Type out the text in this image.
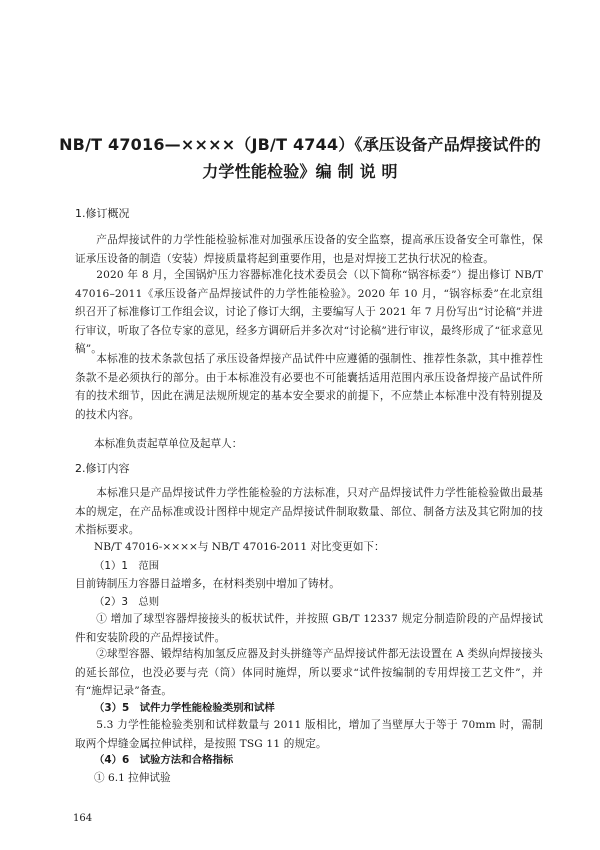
NB/T 47016—××××（JB/T 4744）《承压设备产品焊接试件的
力学性能检验》编 制 说 明
1.修订概况
产品焊接试件的力学性能检验标准对加强承压设备的安全监察，提高承压设备安全可靠性，保证承压设备的制造（安装）焊接质量将起到重要作用，也是对焊接工艺执行状况的检查。
2020 年 8 月，全国锅炉压力容器标准化技术委员会（以下简称“锅容标委”）提出修订 NB/T 47016–2011《承压设备产品焊接试件的力学性能检验》。2020 年 10 月，“锅容标委”在北京组织召开了标准修订工作组会议，讨论了修订大纲，主要编写人于 2021 年 7 月份写出“讨论稿”并进行审议，听取了各位专家的意见，经多方调研后并多次对“讨论稿”进行审议，最终形成了“征求意见稿”。
本标准的技术条款包括了承压设备焊接产品试件中应遵循的强制性、推荐性条款，其中推荐性条款不是必须执行的部分。由于本标准没有必要也不可能囊括适用范围内承压设备焊接产品试件所有的技术细节，因此在满足法规所规定的基本安全要求的前提下，不应禁止本标准中没有特别提及的技术内容。
本标准负责起草单位及起草人：
2.修订内容
本标准只是产品焊接试件力学性能检验的方法标准，只对产品焊接试件力学性能检验做出最基本的规定，在产品标准或设计图样中规定产品焊接试件制取数量、部位、制备方法及其它附加的技术指标要求。
NB/T 47016-××××与 NB/T 47016-2011 对比变更如下：
（1）1　范围
目前铸制压力容器日益增多，在材料类别中增加了铸材。
（2）3　总则
① 增加了球型容器焊接接头的板状试件，并按照 GB/T 12337 规定分制造阶段的产品焊接试件和安装阶段的产品焊接试件。
②球型容器、锻焊结构加氢反应器及封头拼缝等产品焊接试件都无法设置在 A 类纵向焊接接头的延长部位，也没必要与壳（筒）体同时施焊，所以要求“试件按编制的专用焊接工艺文件”，并有“施焊记录”备查。
（3）5　试件力学性能检验类别和试样
5.3 力学性能检验类别和试样数量与 2011 版相比，增加了当壁厚大于等于 70mm 时，需制取两个焊缝金属拉伸试样，是按照 TSG 11 的规定。
（4）6　试验方法和合格指标
① 6.1 拉伸试验
164
